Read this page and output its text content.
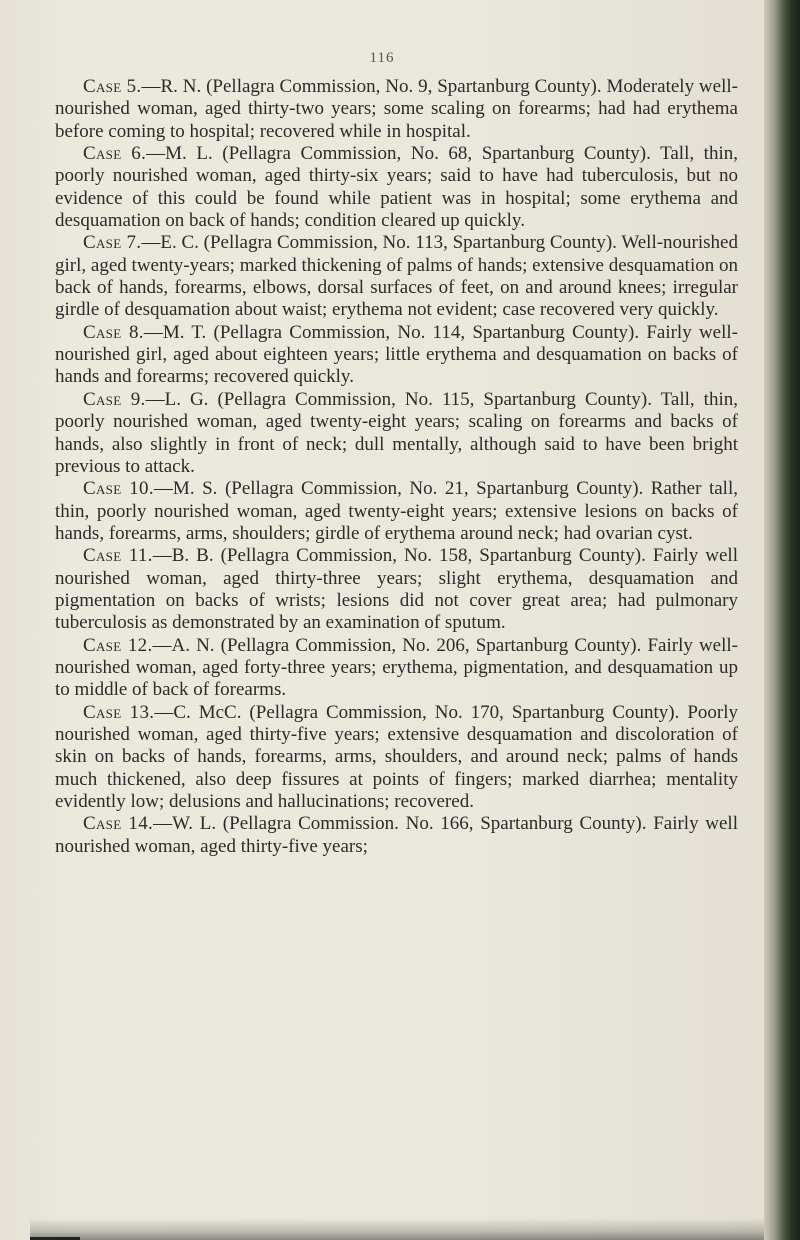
116

Case 5.—R. N. (Pellagra Commission, No. 9, Spartanburg County). Moderately well-nourished woman, aged thirty-two years; some scaling on forearms; had had erythema before coming to hospital; recovered while in hospital.

Case 6.—M. L. (Pellagra Commission, No. 68, Spartanburg County). Tall, thin, poorly nourished woman, aged thirty-six years; said to have had tuberculosis, but no evidence of this could be found while patient was in hospital; some erythema and desquamation on back of hands; condition cleared up quickly.

Case 7.—E. C. (Pellagra Commission, No. 113, Spartanburg County). Well-nourished girl, aged twenty-years; marked thickening of palms of hands; extensive desquamation on back of hands, forearms, elbows, dorsal surfaces of feet, on and around knees; irregular girdle of desquamation about waist; erythema not evident; case recovered very quickly.

Case 8.—M. T. (Pellagra Commission, No. 114, Spartanburg County). Fairly well-nourished girl, aged about eighteen years; little erythema and desquamation on backs of hands and forearms; recovered quickly.

Case 9.—L. G. (Pellagra Commission, No. 115, Spartanburg County). Tall, thin, poorly nourished woman, aged twenty-eight years; scaling on forearms and backs of hands, also slightly in front of neck; dull mentally, although said to have been bright previous to attack.

Case 10.—M. S. (Pellagra Commission, No. 21, Spartanburg County). Rather tall, thin, poorly nourished woman, aged twenty-eight years; extensive lesions on backs of hands, forearms, arms, shoulders; girdle of erythema around neck; had ovarian cyst.

Case 11.—B. B. (Pellagra Commission, No. 158, Spartanburg County). Fairly well nourished woman, aged thirty-three years; slight erythema, desquamation and pigmentation on backs of wrists; lesions did not cover great area; had pulmonary tuberculosis as demonstrated by an examination of sputum.

Case 12.—A. N. (Pellagra Commission, No. 206, Spartanburg County). Fairly well-nourished woman, aged forty-three years; erythema, pigmentation, and desquamation up to middle of back of forearms.

Case 13.—C. McC. (Pellagra Commission, No. 170, Spartanburg County). Poorly nourished woman, aged thirty-five years; extensive desquamation and discoloration of skin on backs of hands, forearms, arms, shoulders, and around neck; palms of hands much thickened, also deep fissures at points of fingers; marked diarrhea; mentality evidently low; delusions and hallucinations; recovered.

Case 14.—W. L. (Pellagra Commission. No. 166, Spartanburg County). Fairly well nourished woman, aged thirty-five years;
